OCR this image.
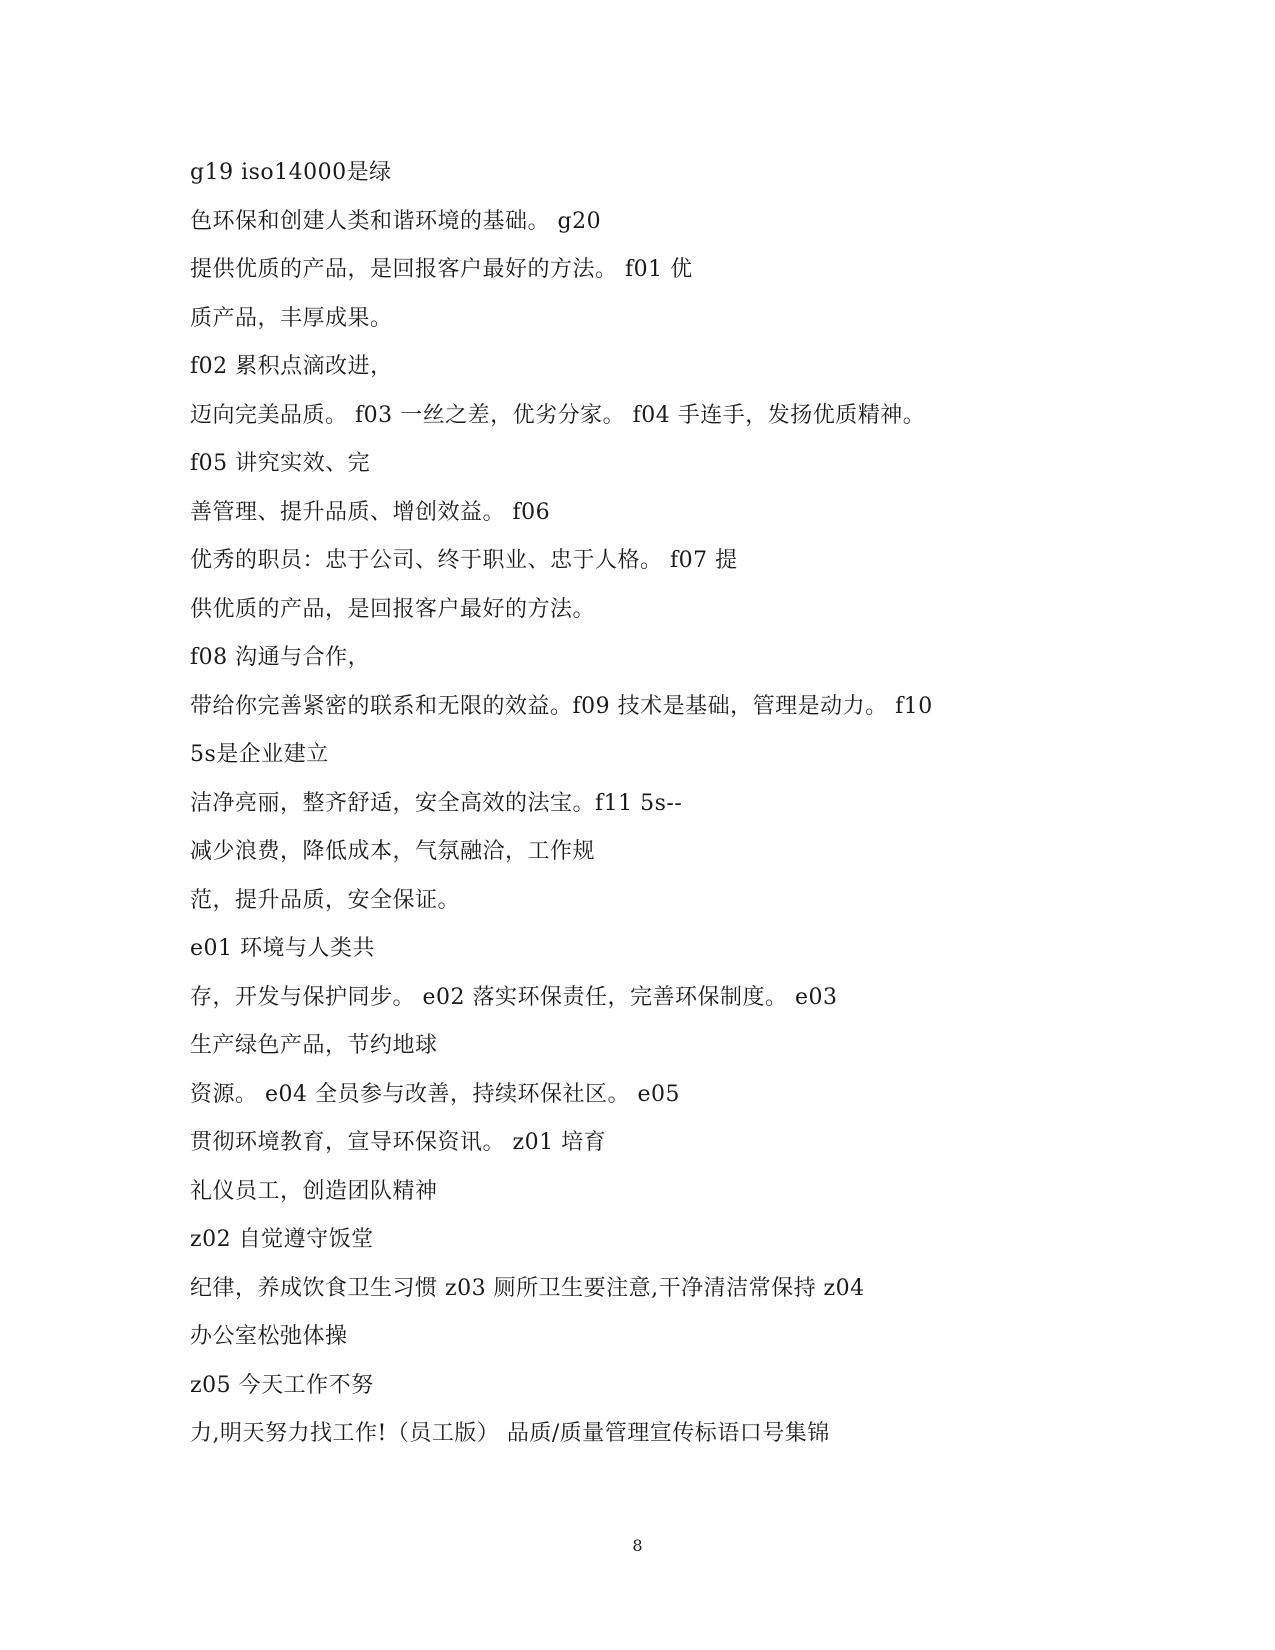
g19 iso14000是绿
色环保和创建人类和谐环境的基础。 g20
提供优质的产品，是回报客户最好的方法。 f01 优
质产品，丰厚成果。
f02 累积点滴改进，
迈向完美品质。 f03 一丝之差，优劣分家。 f04 手连手，发扬优质精神。
f05 讲究实效、完
善管理、提升品质、增创效益。 f06
优秀的职员：忠于公司、终于职业、忠于人格。 f07 提
供优质的产品，是回报客户最好的方法。
f08 沟通与合作，
带给你完善紧密的联系和无限的效益。f09 技术是基础，管理是动力。 f10
5s是企业建立
洁净亮丽，整齐舒适，安全高效的法宝。f11 5s--
减少浪费，降低成本，气氛融洽，工作规
范，提升品质，安全保证。
e01 环境与人类共
存，开发与保护同步。 e02 落实环保责任，完善环保制度。 e03
生产绿色产品，节约地球
资源。 e04 全员参与改善，持续环保社区。 e05
贯彻环境教育，宣导环保资讯。 z01 培育
礼仪员工，创造团队精神
z02 自觉遵守饭堂
纪律，养成饮食卫生习惯 z03 厕所卫生要注意,干净清洁常保持 z04
办公室松弛体操
z05 今天工作不努
力,明天努力找工作!（员工版） 品质/质量管理宣传标语口号集锦
8
